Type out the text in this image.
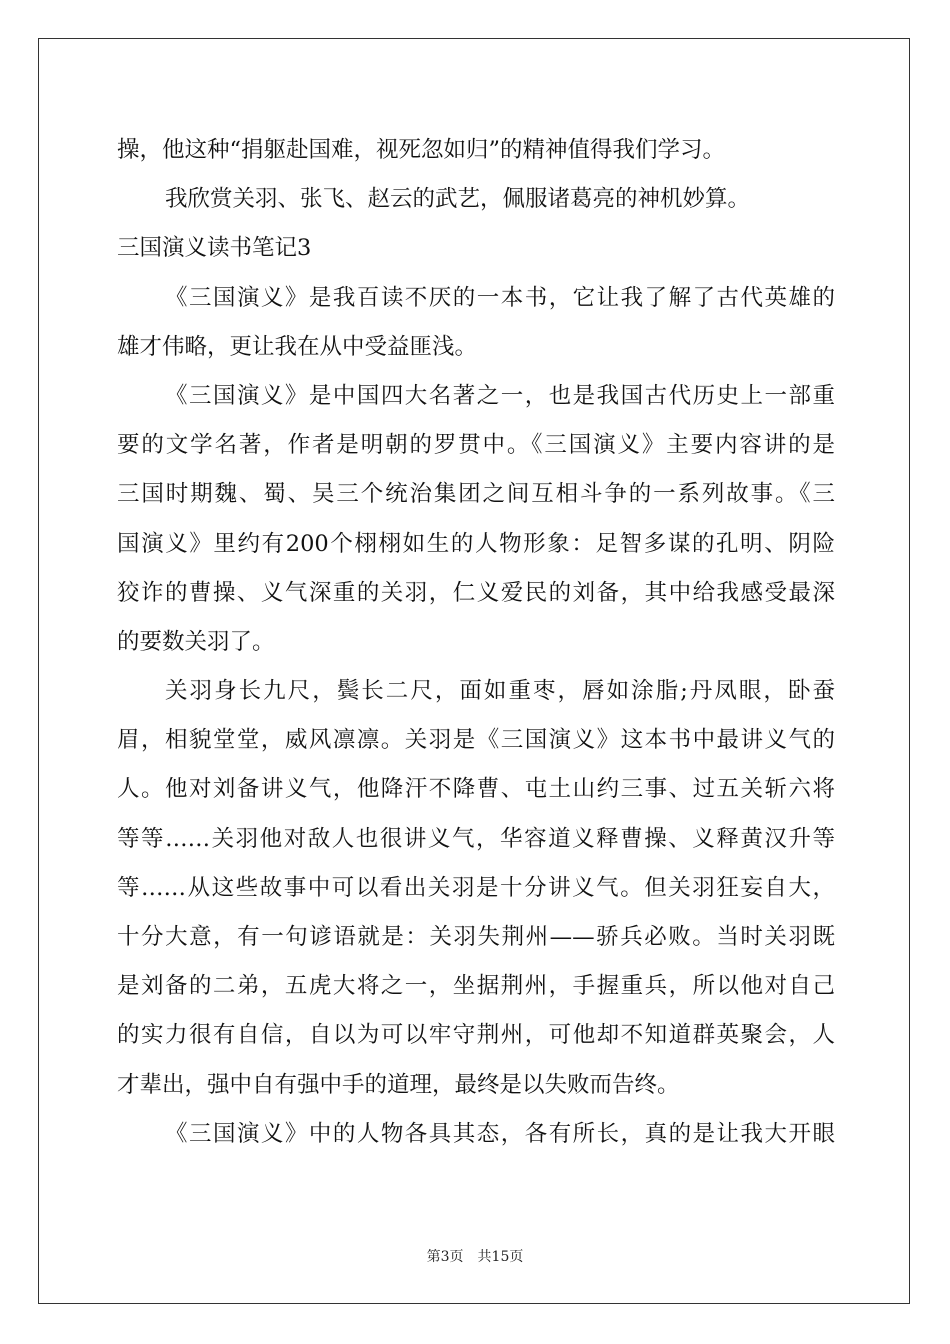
操，他这种“捐躯赴国难，视死忽如归”的精神值得我们学习。
我欣赏关羽、张飞、赵云的武艺，佩服诸葛亮的神机妙算。
三国演义读书笔记3
《三国演义》是我百读不厌的一本书，它让我了解了古代英雄的
雄才伟略，更让我在从中受益匪浅。
《三国演义》是中国四大名著之一，也是我国古代历史上一部重
要的文学名著，作者是明朝的罗贯中。《三国演义》主要内容讲的是
三国时期魏、蜀、吴三个统治集团之间互相斗争的一系列故事。《三
国演义》里约有200个栩栩如生的人物形象：足智多谋的孔明、阴险
狡诈的曹操、义气深重的关羽，仁义爱民的刘备，其中给我感受最深
的要数关羽了。
关羽身长九尺，鬓长二尺，面如重枣，唇如涂脂;丹凤眼，卧蚕
眉，相貌堂堂，威风凛凛。关羽是《三国演义》这本书中最讲义气的
人。他对刘备讲义气，他降汗不降曹、屯土山约三事、过五关斩六将
等等……关羽他对敌人也很讲义气，华容道义释曹操、义释黄汉升等
等……从这些故事中可以看出关羽是十分讲义气。但关羽狂妄自大，
十分大意，有一句谚语就是：关羽失荆州——骄兵必败。当时关羽既
是刘备的二弟，五虎大将之一，坐据荆州，手握重兵，所以他对自己
的实力很有自信，自以为可以牢守荆州，可他却不知道群英聚会，人
才辈出，强中自有强中手的道理，最终是以失败而告终。
《三国演义》中的人物各具其态，各有所长，真的是让我大开眼
第3页 共15页
